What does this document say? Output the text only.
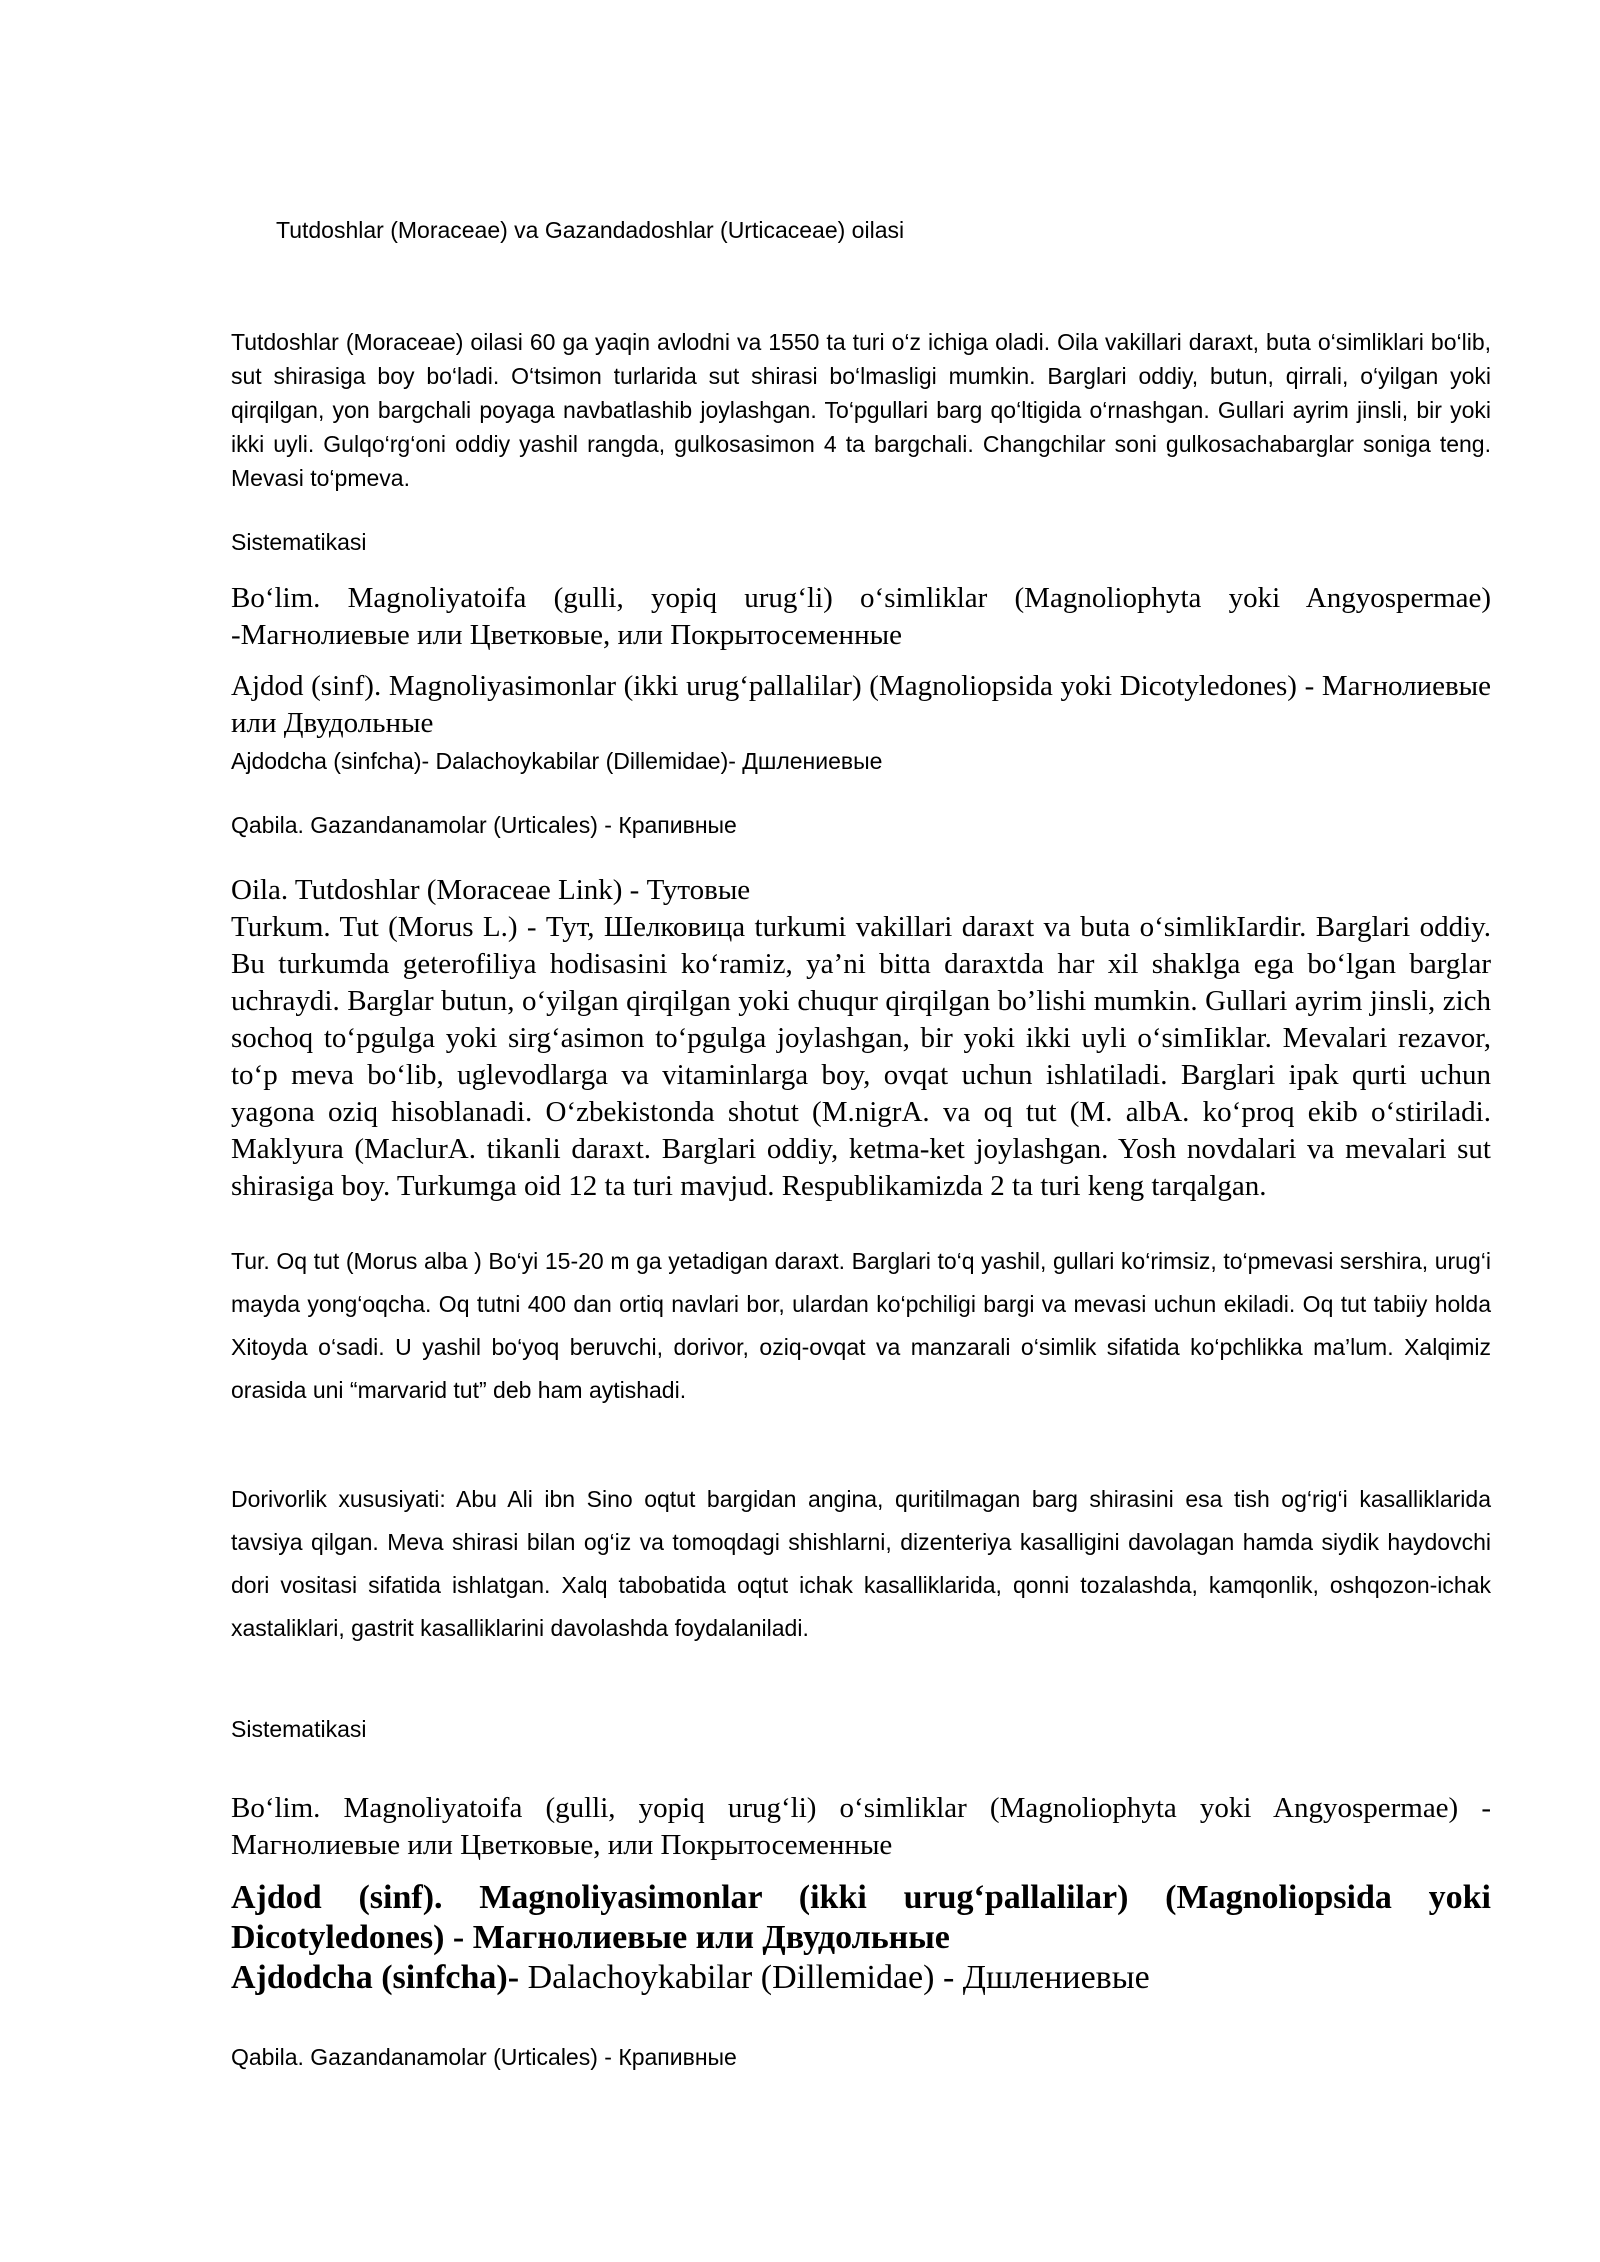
Tutdoshlar (Moraceae) va Gazandadoshlar (Urticaceae) oilasi

Tutdoshlar (Moraceae) oilasi 60 ga yaqin avlodni va 1550 ta turi o‘z ichiga oladi. Oila vakillari daraxt, buta o‘simliklari bo‘lib, sut shirasiga boy bo‘ladi. O‘tsimon turlarida sut shirasi bo‘lmasligi mumkin. Barglari oddiy, butun, qirrali, o‘yilgan yoki qirqilgan, yon bargchali poyaga navbatlashib joylashgan. To‘pgullari barg qo‘ltigida o‘rnashgan. Gullari ayrim jinsli, bir yoki ikki uyli. Gulqo‘rg‘oni oddiy yashil rangda, gulkosasimon 4 ta bargchali. Changchilar soni gulkosachabarglar soniga teng. Mevasi to‘pmeva.

Sistematikasi

Bo‘lim. Magnoliyatoifa (gulli, yopiq urug‘li) o‘simliklar (Magnoliophyta yoki Angyospermae) -Магнолиевые или Цветковые, или Покрытосеменные

Ajdod (sinf). Magnoliyasimonlar (ikki urug‘pallalilar) (Magnoliopsida yoki Dicotyledones) - Магнолиевые или Двудольные

Ajdodcha (sinfcha)- Dalachoykabilar (Dillemidae)- Дшлениевые

Qabila. Gazandanamolar (Urticales) - Крапивные

Oila. Tutdoshlar (Moraceae Link) - Тутовые

Turkum. Tut (Morus L.) - Тут, Шелковица turkumi vakillari daraxt va buta o‘simlikIardir. Barglari oddiy. Bu turkumda geterofiliya hodisasini ko‘ramiz, ya’ni bitta daraxtda har xil shaklga ega bo‘lgan barglar uchraydi. Barglar butun, o‘yilgan qirqilgan yoki chuqur qirqilgan bo’lishi mumkin. Gullari ayrim jinsli, zich sochoq to‘pgulga yoki sirg‘asimon to‘pgulga joylashgan, bir yoki ikki uyli o‘simIiklar. Mevalari rezavor, to‘p meva bo‘lib, uglevodlarga va vitaminlarga boy, ovqat uchun ishlatiladi. Barglari ipak qurti uchun yagona oziq hisoblanadi. O‘zbekistonda shotut (M.nigrA. va oq tut (M. albA. ko‘proq ekib o‘stiriladi. Maklyura (MaclurA. tikanli daraxt. Barglari oddiy, ketma-ket joylashgan. Yosh novdalari va mevalari sut shirasiga boy. Turkumga oid 12 ta turi mavjud. Respublikamizda 2 ta turi keng tarqalgan.

Tur. Oq tut (Morus alba ) Bo‘yi 15-20 m ga yetadigan daraxt. Barglari to‘q yashil, gullari ko‘rimsiz, to‘pmevasi sershira, urug‘i mayda yong‘oqcha. Oq tutni 400 dan ortiq navlari bor, ulardan ko‘pchiligi bargi va mevasi uchun ekiladi. Oq tut tabiiy holda Xitoyda o‘sadi. U yashil bo‘yoq beruvchi, dorivor, oziq-ovqat va manzarali o‘simlik sifatida ko‘pchlikka ma’lum. Xalqimiz orasida uni “marvarid tut” deb ham aytishadi.

Dorivorlik xususiyati: Abu Ali ibn Sino oqtut bargidan angina, quritilmagan barg shirasini esa tish og‘rig‘i kasalliklarida tavsiya qilgan. Meva shirasi bilan og‘iz va tomoqdagi shishlarni, dizenteriya kasalligini davolagan hamda siydik haydovchi dori vositasi sifatida ishlatgan. Xalq tabobatida oqtut ichak kasalliklarida, qonni tozalashda, kamqonlik, oshqozon-ichak xastaliklari, gastrit kasalliklarini davolashda foydalaniladi.

Sistematikasi

Bo‘lim. Magnoliyatoifa (gulli, yopiq urug‘li) o‘simliklar (Magnoliophyta yoki Angyospermae) - Магнолиевые или Цветковые, или Покрытосеменные

Ajdod (sinf). Magnoliyasimonlar (ikki urug‘pallalilar) (Magnoliopsida yoki Dicotyledones) - Магнолиевые или Двудольные

Ajdodcha (sinfcha)- Dalachoykabilar (Dillemidae) - Дшлениевые

Qabila. Gazandanamolar (Urticales) - Крапивные
